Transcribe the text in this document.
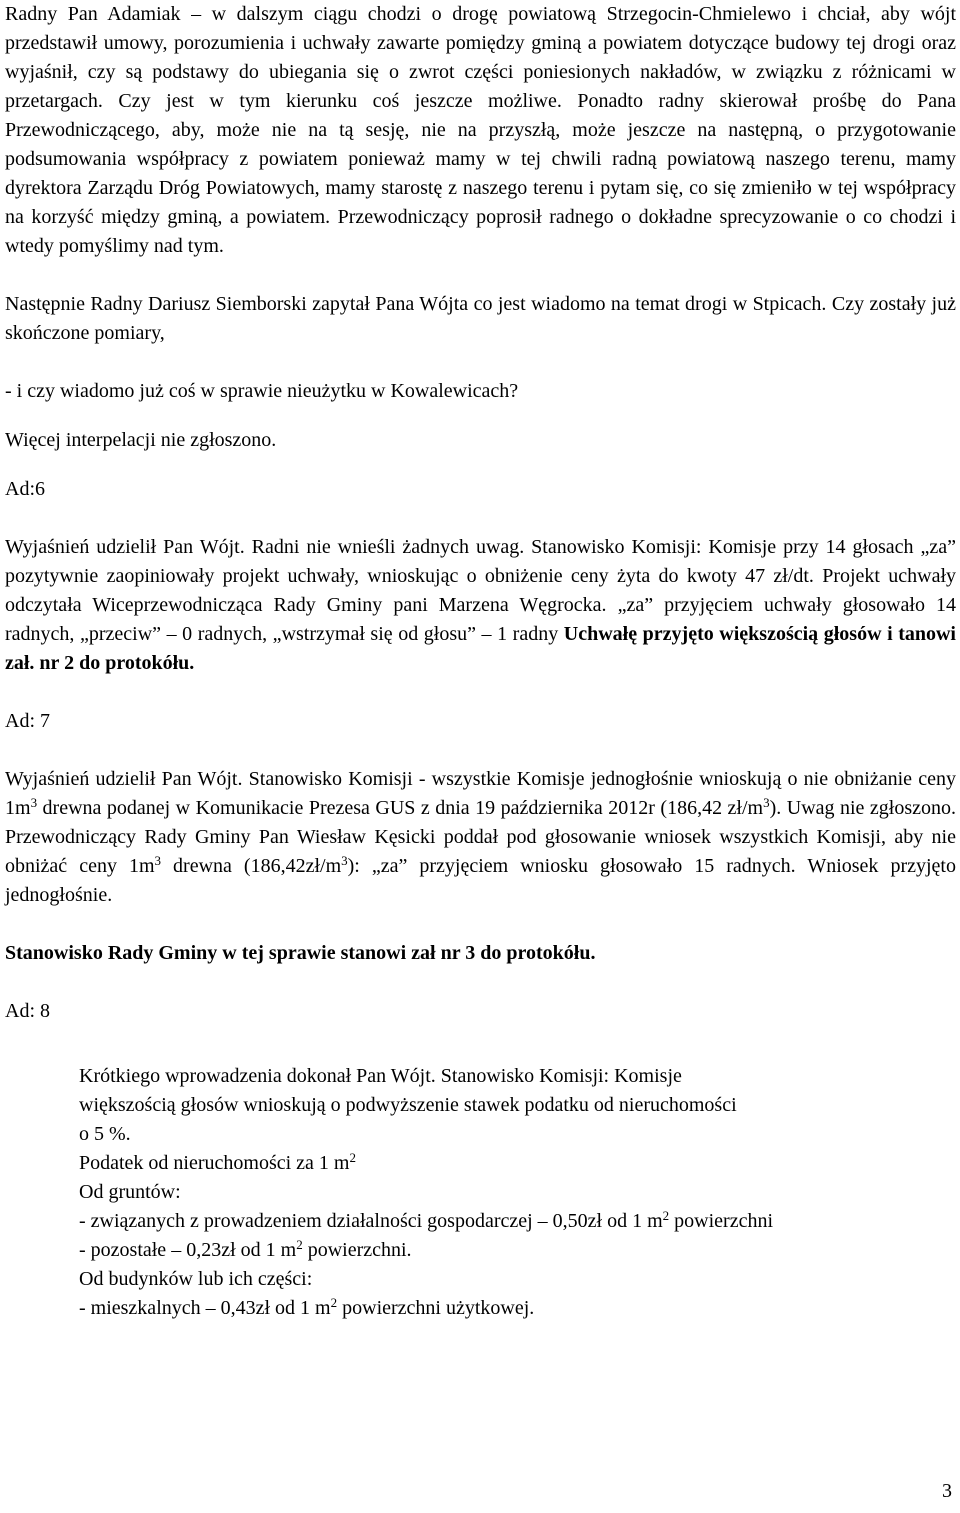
Radny Pan Adamiak – w dalszym ciągu chodzi o drogę powiatową Strzegocin-Chmielewo i chciał, aby wójt przedstawił umowy, porozumienia i uchwały zawarte pomiędzy gminą a powiatem dotyczące budowy tej drogi oraz wyjaśnił, czy są podstawy do ubiegania się o zwrot części poniesionych nakładów, w związku z różnicami w przetargach. Czy jest w tym kierunku coś jeszcze możliwe. Ponadto radny skierował prośbę do Pana Przewodniczącego, aby, może nie na tą sesję, nie na przyszłą, może jeszcze na następną, o przygotowanie podsumowania współpracy z powiatem ponieważ mamy w tej chwili radną powiatową naszego terenu, mamy dyrektora Zarządu Dróg Powiatowych, mamy starostę z naszego terenu i pytam się, co się zmieniło w tej współpracy na korzyść między gminą, a powiatem. Przewodniczący poprosił radnego o dokładne sprecyzowanie o co chodzi i wtedy pomyślimy nad tym.

Następnie Radny Dariusz Siemborski zapytał Pana Wójta co jest wiadomo na temat drogi w Stpicach. Czy zostały już skończone pomiary,

- i czy wiadomo już coś w sprawie nieużytku w Kowalewicach?

Więcej interpelacji nie zgłoszono.

Ad:6

Wyjaśnień udzielił Pan Wójt. Radni nie wnieśli żadnych uwag. Stanowisko Komisji: Komisje przy 14 głosach „za” pozytywnie zaopiniowały projekt uchwały, wnioskując o obniżenie ceny żyta do kwoty 47 zł/dt. Projekt uchwały odczytała Wiceprzewodnicząca Rady Gminy pani Marzena Węgrocka. „za” przyjęciem uchwały głosowało 14 radnych, „przeciw” – 0 radnych, „wstrzymał się od głosu” – 1 radny Uchwałę przyjęto większością głosów i tanowi zał. nr 2 do protokółu.

Ad: 7

Wyjaśnień udzielił Pan Wójt. Stanowisko Komisji - wszystkie Komisje jednogłośnie wnioskują o nie obniżanie ceny $1m^3$ drewna podanej w Komunikacie Prezesa GUS z dnia 19 października 2012r (186,42 $zł/m^3$). Uwag nie zgłoszono. Przewodniczący Rady Gminy Pan Wiesław Kęsicki poddał pod głosowanie wniosek wszystkich Komisji, aby nie obniżać ceny $1m^3$ drewna $(186,42zł/m^3)$: „za” przyjęciem wniosku głosowało 15 radnych. Wniosek przyjęto jednogłośnie.

Stanowisko Rady Gminy w tej sprawie stanowi zał nr 3 do protokółu.

Ad: 8

Krótkiego wprowadzenia dokonał Pan Wójt. Stanowisko Komisji: Komisje

większością głosów wnioskują o podwyższenie stawek podatku od nieruchomości

o 5 %.

Podatek od nieruchomości za 1 $m^2$

Od gruntów:

- związanych z prowadzeniem działalności gospodarczej – 0,50zł od 1 $m^2$ powierzchni

- pozostałe – 0,23zł od 1 $m^2$ powierzchni.

Od budynków lub ich części:

- mieszkalnych – 0,43zł od 1 $m^2$ powierzchni użytkowej.

3
